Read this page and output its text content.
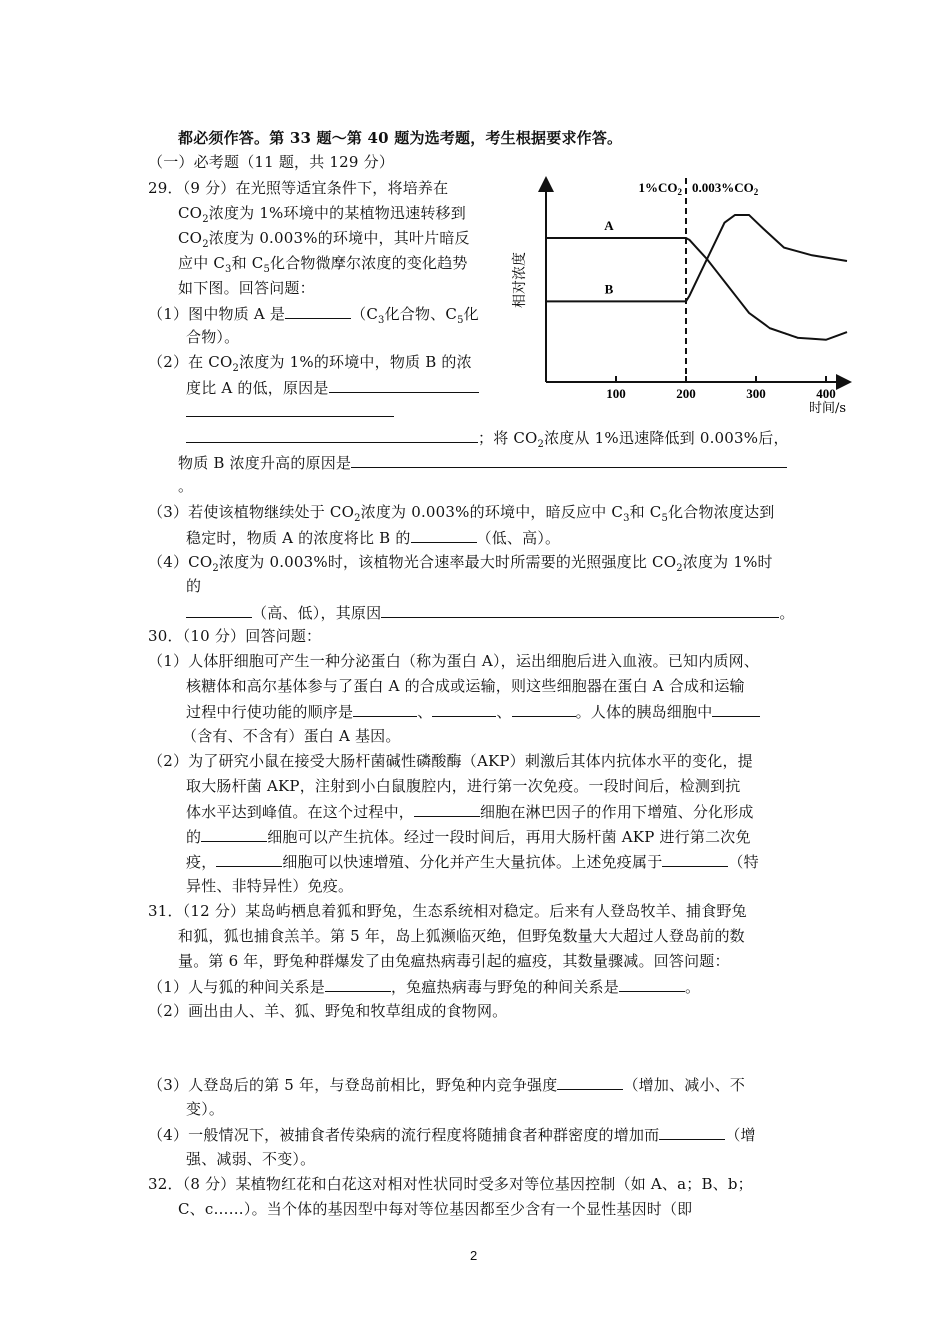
都必须作答。第 33 题～第 40 题为选考题，考生根据要求作答。
（一）必考题（11 题，共 129 分）
29．（9 分）在光照等适宜条件下，将培养在
$CO_2$浓度为 1%环境中的某植物迅速转移到
$CO_2$浓度为 0.003%的环境中，其叶片暗反
应中 $C_3$和 $C_5$化合物微摩尔浓度的变化趋势
如下图。回答问题：
（1）图中物质 A 是	（$C_3$化合物、$C_5$化
合物）。
（2）在 $CO_2$浓度为 1%的环境中，物质 B 的浓
度比 A 的低，原因是
；将 $CO_2$浓度从 1%迅速降低到 0.003%后，
物质 B 浓度升高的原因是
。
（3）若使该植物继续处于 $CO_2$浓度为 0.003%的环境中，暗反应中 $C_3$和 $C_5$化合物浓度达到
稳定时，物质 A 的浓度将比 B 的	（低、高）。
$(4)CO_2$浓度为 0.003%时，该植物光合速率最大时所需要的光照强度比 $CO_2$浓度为 1%时
的
（高、低），其原因	。
100	200	300	400
A
B
$1\%CO_2$ $0.003\%CO_2$
相对浓度
时间/s
30．（10 分）回答问题：
（1）人体肝细胞可产生一种分泌蛋白（称为蛋白 A），运出细胞后进入血液。已知内质网、
核糖体和高尔基体参与了蛋白 A 的合成或运输，则这些细胞器在蛋白 A 合成和运输
过程中行使功能的顺序是	、	、	。人体的胰岛细胞中
（含有、不含有）蛋白 A 基因。
（2）为了研究小鼠在接受大肠杆菌碱性磷酸酶（AKP）刺激后其体内抗体水平的变化，提
取大肠杆菌 AKP，注射到小白鼠腹腔内，进行第一次免疫。一段时间后，检测到抗
体水平达到峰值。在这个过程中，	细胞在淋巴因子的作用下增殖、分化形成
的	细胞可以产生抗体。经过一段时间后，再用大肠杆菌 AKP 进行第二次免
疫，	细胞可以快速增殖、分化并产生大量抗体。上述免疫属于	（特
异性、非特异性）免疫。
31．（12 分）某岛屿栖息着狐和野兔，生态系统相对稳定。后来有人登岛牧羊、捕食野兔
和狐，狐也捕食羔羊。第 5 年，岛上狐濒临灭绝，但野兔数量大大超过人登岛前的数
量。第 6 年，野兔种群爆发了由兔瘟热病毒引起的瘟疫，其数量骤减。回答问题：
（1）人与狐的种间关系是	，兔瘟热病毒与野兔的种间关系是	。
（2）画出由人、羊、狐、野兔和牧草组成的食物网。
（3）人登岛后的第 5 年，与登岛前相比，野兔种内竞争强度	（增加、减小、不
变）。
（4）一般情况下，被捕食者传染病的流行程度将随捕食者种群密度的增加而	（增
强、减弱、不变）。
32．（8 分）某植物红花和白花这对相对性状同时受多对等位基因控制（如 A、a；B、b；
C、c……）。当个体的基因型中每对等位基因都至少含有一个显性基因时（即
2
